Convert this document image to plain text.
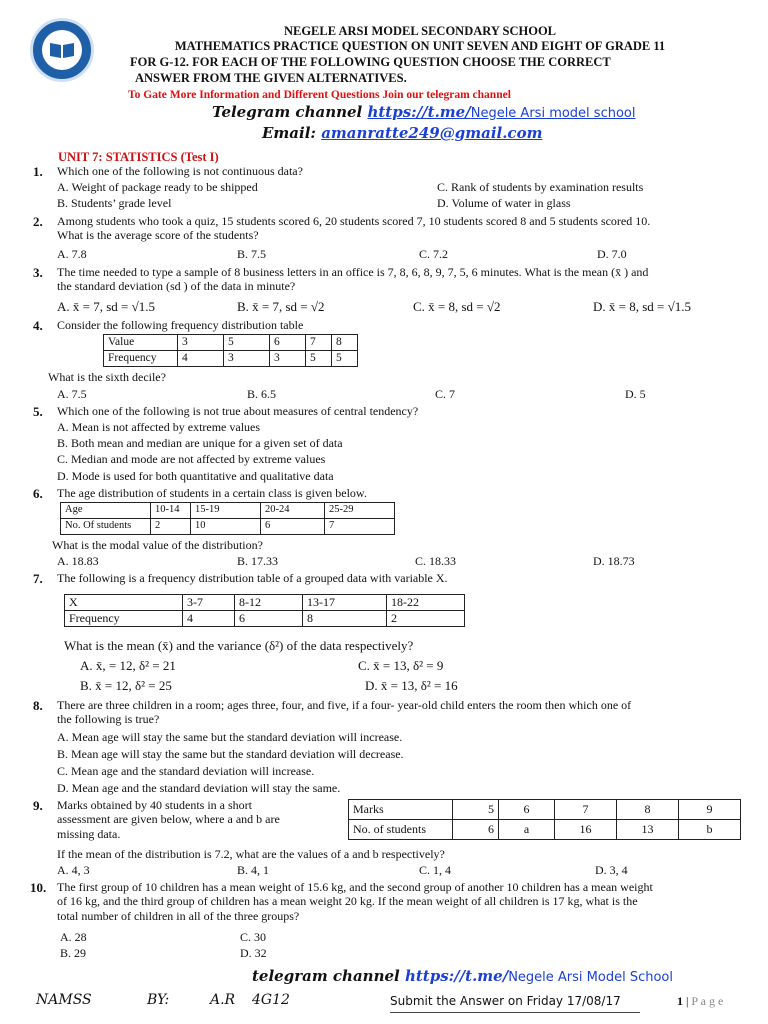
NEGELE ARSI MODEL SECONDARY SCHOOL
MATHEMATICS PRACTICE QUESTION ON UNIT SEVEN AND EIGHT OF GRADE 11
FOR G-12. FOR EACH OF THE FOLLOWING QUESTION CHOOSE THE CORRECT
ANSWER FROM THE GIVEN ALTERNATIVES.
To Gate More Information and Different Questions Join our telegram channel
Telegram channel https://t.me/Negele Arsi model school
Email: amanratte249@gmail.com
UNIT 7: STATISTICS (Test I)
1. Which one of the following is not continuous data?
A. Weight of package ready to be shipped
B. Students’ grade level
C. Rank of students by examination results
D. Volume of water in glass
2. Among students who took a quiz, 15 students scored 6, 20 students scored 7, 10 students scored 8 and 5 students scored 10.
What is the average score of the students?
A. 7.8	B. 7.5	C. 7.2	D. 7.0
3. The time needed to type a sample of 8 business letters in an office is 7, 8, 6, 8, 9, 7, 5, 6 minutes. What is the mean (x̄ ) and
the standard deviation (sd ) of the data in minute?
A. x̄ = 7, sd = √1.5	B. x̄ = 7, sd = √2	C. x̄ = 8, sd = √2	D. x̄ = 8, sd = √1.5
4. Consider the following frequency distribution table
Value	3	5	6	7	8
Frequency	4	3	3	5	5
What is the sixth decile?
A. 7.5	B. 6.5	C. 7	D. 5
5. Which one of the following is not true about measures of central tendency?
A. Mean is not affected by extreme values
B. Both mean and median are unique for a given set of data
C. Median and mode are not affected by extreme values
D. Mode is used for both quantitative and qualitative data
6. The age distribution of students in a certain class is given below.
Age	10-14	15-19	20-24	25-29
No. Of students	2	10	6	7
What is the modal value of the distribution?
A. 18.83	B. 17.33	C. 18.33	D. 18.73
7. The following is a frequency distribution table of a grouped data with variable X.
X	3-7	8-12	13-17	18-22
Frequency	4	6	8	2
What is the mean (x̄) and the variance (δ²) of the data respectively?
A. x̄, = 12, δ² = 21
B. x̄ = 12, δ² = 25
C. x̄ = 13, δ² = 9
D. x̄ = 13, δ² = 16
8. There are three children in a room; ages three, four, and five, if a four- year-old child enters the room then which one of
the following is true?
A. Mean age will stay the same but the standard deviation will increase.
B. Mean age will stay the same but the standard deviation will decrease.
C. Mean age and the standard deviation will increase.
D. Mean age and the standard deviation will stay the same.
9. Marks obtained by 40 students in a short
assessment are given below, where a and b are
missing data.
Marks	5	6	7	8	9
No. of students	6	a	16	13	b
If the mean of the distribution is 7.2, what are the values of a and b respectively?
A. 4, 3	B. 4, 1	C. 1, 4	D. 3, 4
10. The first group of 10 children has a mean weight of 15.6 kg, and the second group of another 10 children has a mean weight
of 16 kg, and the third group of children has a mean weight 20 kg. If the mean weight of all children is 17 kg, what is the
total number of children in all of the three groups?
A. 28
B. 29
C. 30
D. 32
telegram channel https://t.me/Negele Arsi Model School
NAMSS	BY:	A.R 4G12	Submit the Answer on Friday 17/08/17	1 | P a g e
